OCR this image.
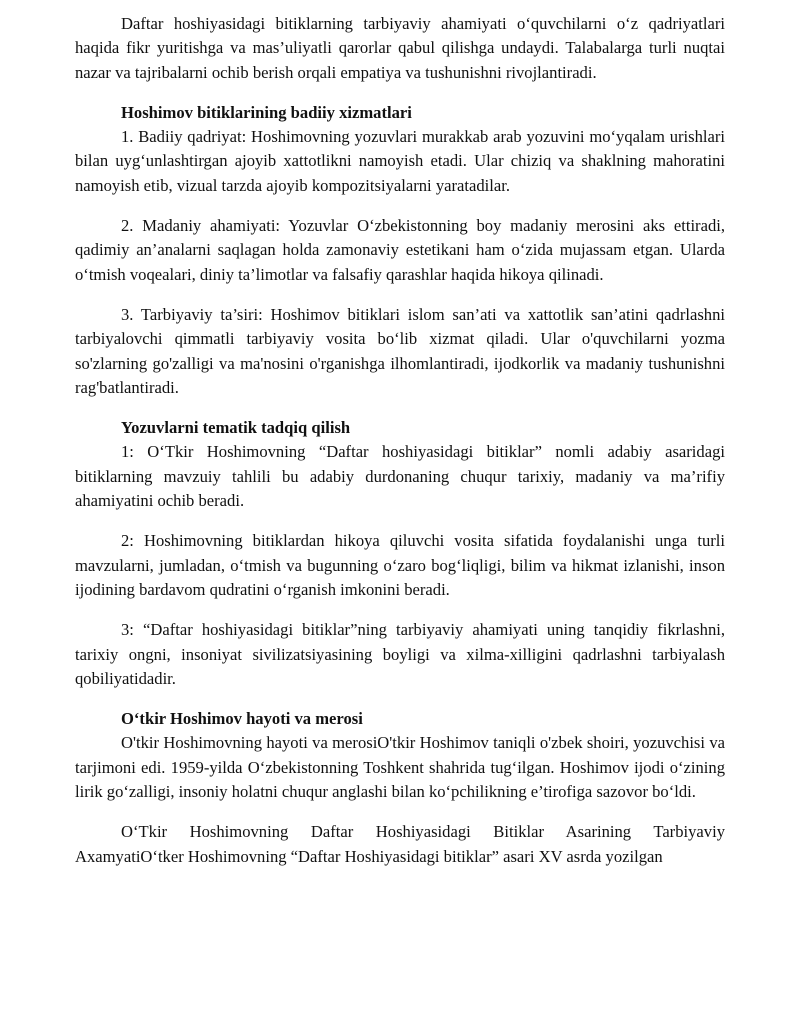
Daftar hoshiyasidagi bitiklarning tarbiyaviy ahamiyati o‘quvchilarni o‘z qadriyatlari haqida fikr yuritishga va mas’uliyatli qarorlar qabul qilishga undaydi. Talabalarga turli nuqtai nazar va tajribalarni ochib berish orqali empatiya va tushunishni rivojlantiradi.

Hoshimov bitiklarining badiiy xizmatlari

1. Badiiy qadriyat: Hoshimovning yozuvlari murakkab arab yozuvini mo‘yqalam urishlari bilan uyg‘unlashtirgan ajoyib xattotlikni namoyish etadi. Ular chiziq va shaklning mahoratini namoyish etib, vizual tarzda ajoyib kompozitsiyalarni yaratadilar.

2. Madaniy ahamiyati: Yozuvlar O‘zbekistonning boy madaniy merosini aks ettiradi, qadimiy an’analarni saqlagan holda zamonaviy estetikani ham o‘zida mujassam etgan. Ularda o‘tmish voqealari, diniy ta’limotlar va falsafiy qarashlar haqida hikoya qilinadi.

3. Tarbiyaviy ta’siri: Hoshimov bitiklari islom san’ati va xattotlik san’atini qadrlashni tarbiyalovchi qimmatli tarbiyaviy vosita bo‘lib xizmat qiladi. Ular o'quvchilarni yozma so'zlarning go'zalligi va ma'nosini o'rganishga ilhomlantiradi, ijodkorlik va madaniy tushunishni rag'batlantiradi.

Yozuvlarni tematik tadqiq qilish

1: O‘Tkir Hoshimovning “Daftar hoshiyasidagi bitiklar” nomli adabiy asaridagi bitiklarning mavzuiy tahlili bu adabiy durdonaning chuqur tarixiy, madaniy va ma’rifiy ahamiyatini ochib beradi.

2: Hoshimovning bitiklardan hikoya qiluvchi vosita sifatida foydalanishi unga turli mavzularni, jumladan, o‘tmish va bugunning o‘zaro bog‘liqligi, bilim va hikmat izlanishi, inson ijodining bardavom qudratini o‘rganish imkonini beradi.

3: “Daftar hoshiyasidagi bitiklar”ning tarbiyaviy ahamiyati uning tanqidiy fikrlashni, tarixiy ongni, insoniyat sivilizatsiyasining boyligi va xilma-xilligini qadrlashni tarbiyalash qobiliyatidadir.

O‘tkir Hoshimov hayoti va merosi

O'tkir Hoshimovning hayoti va merosiO'tkir Hoshimov taniqli o'zbek shoiri, yozuvchisi va tarjimoni edi. 1959-yilda O‘zbekistonning Toshkent shahrida tug‘ilgan. Hoshimov ijodi o‘zining lirik go‘zalligi, insoniy holatni chuqur anglashi bilan ko‘pchilikning e’tirofiga sazovor bo‘ldi.

O‘Tkir Hoshimovning Daftar Hoshiyasidagi Bitiklar Asarining Tarbiyaviy AxamyatiO‘tker Hoshimovning “Daftar Hoshiyasidagi bitiklar” asari XV asrda yozilgan
